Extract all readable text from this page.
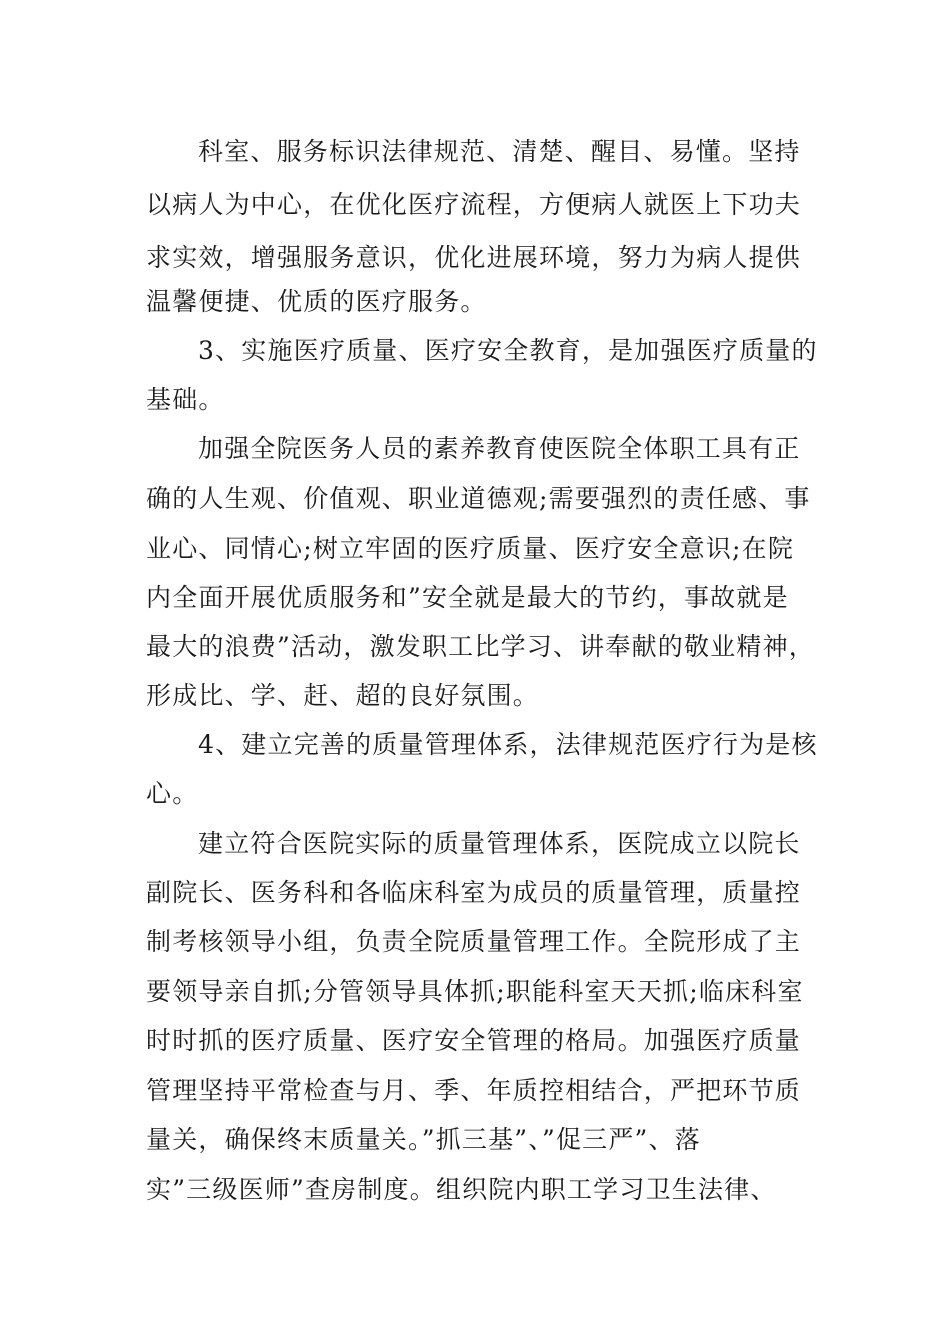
科室、服务标识法律规范、清楚、醒目、易懂。坚持

以病人为中心，在优化医疗流程，方便病人就医上下功夫

求实效，增强服务意识，优化进展环境，努力为病人提供

温馨便捷、优质的医疗服务。

3、实施医疗质量、医疗安全教育，是加强医疗质量的

基础。

加强全院医务人员的素养教育使医院全体职工具有正

确的人生观、价值观、职业道德观;需要强烈的责任感、事

业心、同情心;树立牢固的医疗质量、医疗安全意识;在院

内全面开展优质服务和”安全就是最大的节约，事故就是

最大的浪费”活动，激发职工比学习、讲奉献的敬业精神，

形成比、学、赶、超的良好氛围。

4、建立完善的质量管理体系，法律规范医疗行为是核

心。

建立符合医院实际的质量管理体系，医院成立以院长

副院长、医务科和各临床科室为成员的质量管理，质量控

制考核领导小组，负责全院质量管理工作。全院形成了主

要领导亲自抓;分管领导具体抓;职能科室天天抓;临床科室

时时抓的医疗质量、医疗安全管理的格局。加强医疗质量

管理坚持平常检查与月、季、年质控相结合，严把环节质

量关，确保终末质量关。”抓三基”、”促三严”、落

实”三级医师”查房制度。组织院内职工学习卫生法律、
